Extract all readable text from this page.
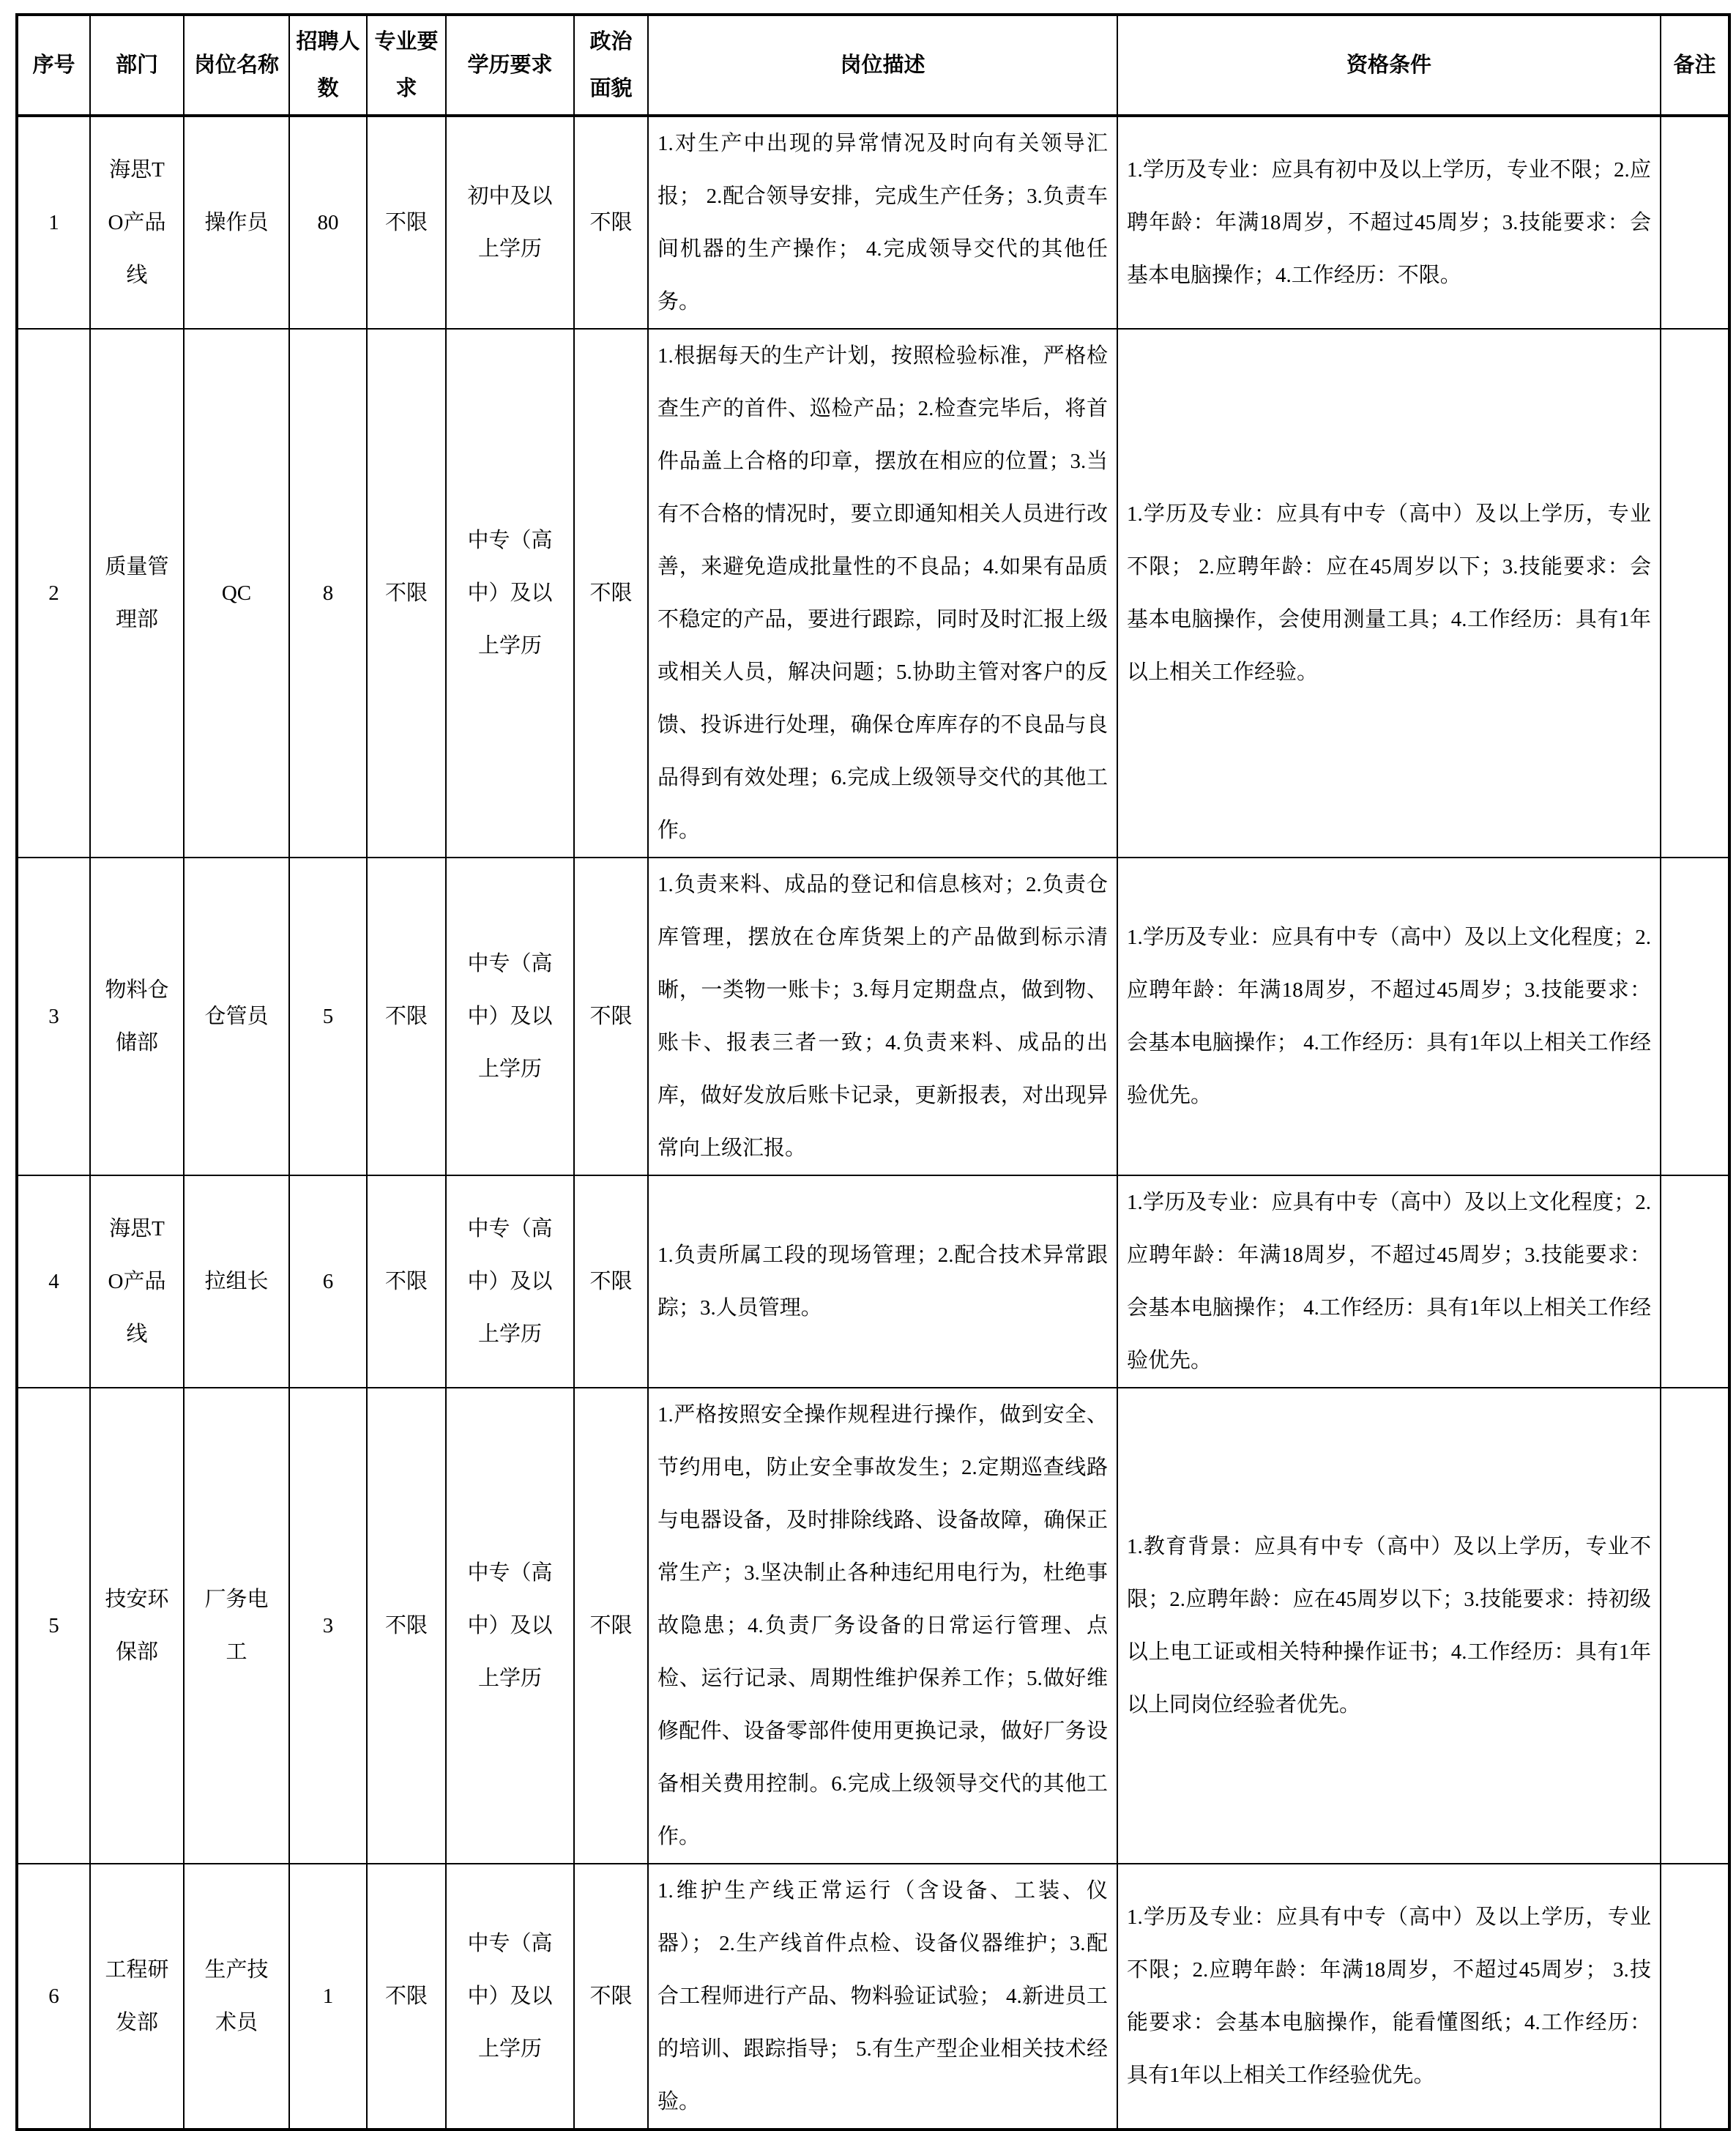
序号	部门	岗位名称	招聘人数	专业要求	学历要求	政治面貌	岗位描述	资格条件	备注
1	海思TO产品线	操作员	80	不限	初中及以上学历	不限	1.对生产中出现的异常情况及时向有关领导汇报； 2.配合领导安排，完成生产任务；3.负责车间机器的生产操作； 4.完成领导交代的其他任务。	1.学历及专业：应具有初中及以上学历，专业不限；2.应聘年龄：年满18周岁，不超过45周岁；3.技能要求：会基本电脑操作；4.工作经历：不限。	
2	质量管理部	QC	8	不限	中专（高中）及以上学历	不限	1.根据每天的生产计划，按照检验标准，严格检查生产的首件、巡检产品；2.检查完毕后，将首件品盖上合格的印章，摆放在相应的位置；3.当有不合格的情况时，要立即通知相关人员进行改善，来避免造成批量性的不良品；4.如果有品质不稳定的产品，要进行跟踪，同时及时汇报上级或相关人员，解决问题；5.协助主管对客户的反馈、投诉进行处理，确保仓库库存的不良品与良品得到有效处理；6.完成上级领导交代的其他工作。	1.学历及专业：应具有中专（高中）及以上学历，专业不限； 2.应聘年龄：应在45周岁以下；3.技能要求：会基本电脑操作，会使用测量工具；4.工作经历：具有1年以上相关工作经验。	
3	物料仓储部	仓管员	5	不限	中专（高中）及以上学历	不限	1.负责来料、成品的登记和信息核对；2.负责仓库管理，摆放在仓库货架上的产品做到标示清晰，一类物一账卡；3.每月定期盘点，做到物、账卡、报表三者一致；4.负责来料、成品的出库，做好发放后账卡记录，更新报表，对出现异常向上级汇报。	1.学历及专业：应具有中专（高中）及以上文化程度；2.应聘年龄：年满18周岁，不超过45周岁；3.技能要求：会基本电脑操作； 4.工作经历：具有1年以上相关工作经验优先。	
4	海思TO产品线	拉组长	6	不限	中专（高中）及以上学历	不限	1.负责所属工段的现场管理；2.配合技术异常跟踪；3.人员管理。	1.学历及专业：应具有中专（高中）及以上文化程度；2.应聘年龄：年满18周岁，不超过45周岁；3.技能要求：会基本电脑操作； 4.工作经历：具有1年以上相关工作经验优先。	
5	技安环保部	厂务电工	3	不限	中专（高中）及以上学历	不限	1.严格按照安全操作规程进行操作，做到安全、节约用电，防止安全事故发生；2.定期巡查线路与电器设备，及时排除线路、设备故障，确保正常生产；3.坚决制止各种违纪用电行为，杜绝事故隐患；4.负责厂务设备的日常运行管理、点检、运行记录、周期性维护保养工作；5.做好维修配件、设备零部件使用更换记录，做好厂务设备相关费用控制。6.完成上级领导交代的其他工作。	1.教育背景：应具有中专（高中）及以上学历，专业不限；2.应聘年龄：应在45周岁以下；3.技能要求：持初级以上电工证或相关特种操作证书；4.工作经历：具有1年以上同岗位经验者优先。	
6	工程研发部	生产技术员	1	不限	中专（高中）及以上学历	不限	1.维护生产线正常运行（含设备、工装、仪器）； 2.生产线首件点检、设备仪器维护；3.配合工程师进行产品、物料验证试验； 4.新进员工的培训、跟踪指导； 5.有生产型企业相关技术经验。	1.学历及专业：应具有中专（高中）及以上学历，专业不限；2.应聘年龄：年满18周岁，不超过45周岁； 3.技能要求：会基本电脑操作，能看懂图纸；4.工作经历：具有1年以上相关工作经验优先。	
